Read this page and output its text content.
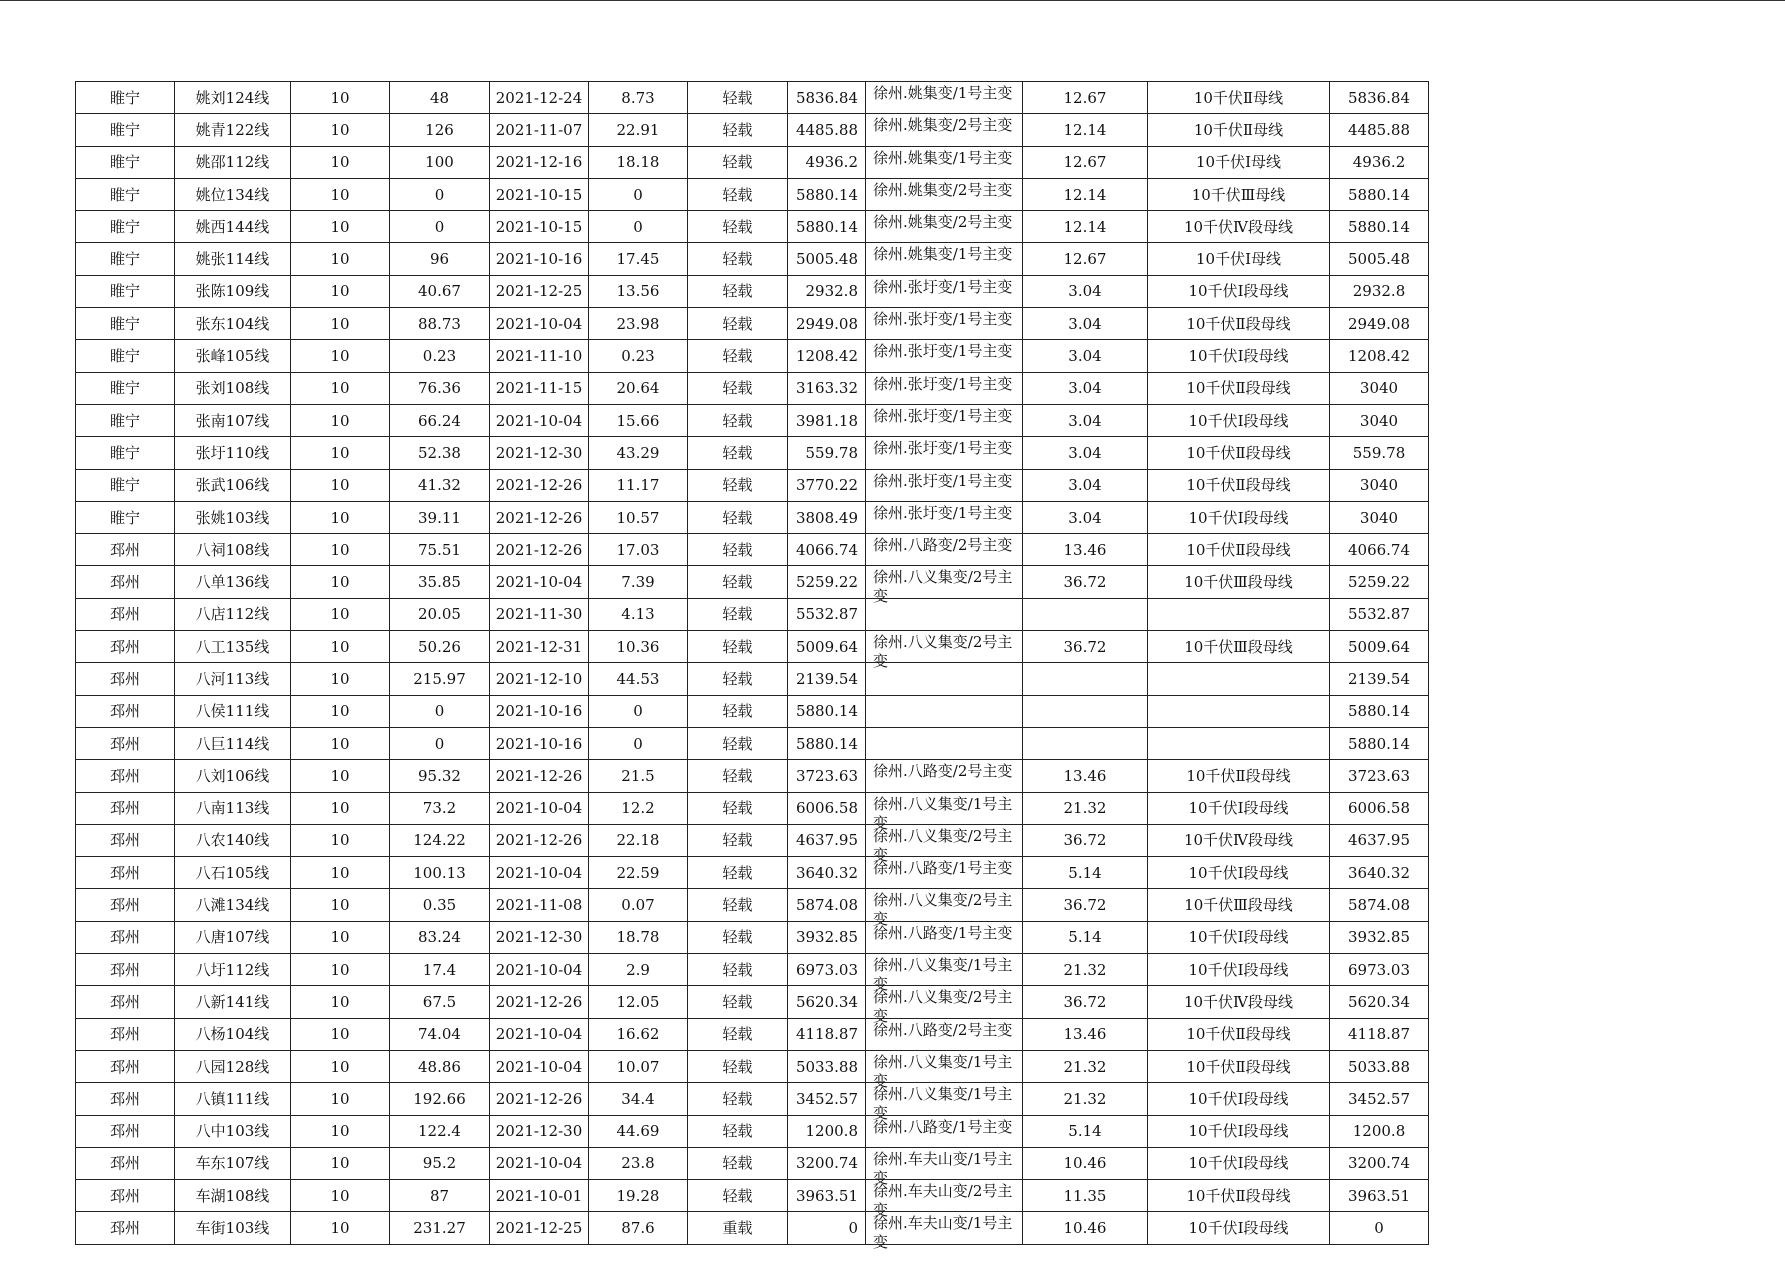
睢宁	姚刘124线	10	48	2021-12-24	8.73	轻载	5836.84	徐州.姚集变/1号主变	12.67	10千伏Ⅱ母线	5836.84
睢宁	姚青122线	10	126	2021-11-07	22.91	轻载	4485.88	徐州.姚集变/2号主变	12.14	10千伏Ⅱ母线	4485.88
睢宁	姚邵112线	10	100	2021-12-16	18.18	轻载	4936.2	徐州.姚集变/1号主变	12.67	10千伏Ⅰ母线	4936.2
睢宁	姚位134线	10	0	2021-10-15	0	轻载	5880.14	徐州.姚集变/2号主变	12.14	10千伏Ⅲ母线	5880.14
睢宁	姚西144线	10	0	2021-10-15	0	轻载	5880.14	徐州.姚集变/2号主变	12.14	10千伏Ⅳ段母线	5880.14
睢宁	姚张114线	10	96	2021-10-16	17.45	轻载	5005.48	徐州.姚集变/1号主变	12.67	10千伏Ⅰ母线	5005.48
睢宁	张陈109线	10	40.67	2021-12-25	13.56	轻载	2932.8	徐州.张圩变/1号主变	3.04	10千伏Ⅰ段母线	2932.8
睢宁	张东104线	10	88.73	2021-10-04	23.98	轻载	2949.08	徐州.张圩变/1号主变	3.04	10千伏Ⅱ段母线	2949.08
睢宁	张峰105线	10	0.23	2021-11-10	0.23	轻载	1208.42	徐州.张圩变/1号主变	3.04	10千伏Ⅰ段母线	1208.42
睢宁	张刘108线	10	76.36	2021-11-15	20.64	轻载	3163.32	徐州.张圩变/1号主变	3.04	10千伏Ⅱ段母线	3040
睢宁	张南107线	10	66.24	2021-10-04	15.66	轻载	3981.18	徐州.张圩变/1号主变	3.04	10千伏Ⅰ段母线	3040
睢宁	张圩110线	10	52.38	2021-12-30	43.29	轻载	559.78	徐州.张圩变/1号主变	3.04	10千伏Ⅱ段母线	559.78
睢宁	张武106线	10	41.32	2021-12-26	11.17	轻载	3770.22	徐州.张圩变/1号主变	3.04	10千伏Ⅱ段母线	3040
睢宁	张姚103线	10	39.11	2021-12-26	10.57	轻载	3808.49	徐州.张圩变/1号主变	3.04	10千伏Ⅰ段母线	3040
邳州	八祠108线	10	75.51	2021-12-26	17.03	轻载	4066.74	徐州.八路变/2号主变	13.46	10千伏Ⅱ段母线	4066.74
邳州	八单136线	10	35.85	2021-10-04	7.39	轻载	5259.22	徐州.八义集变/2号主变	36.72	10千伏Ⅲ段母线	5259.22
邳州	八店112线	10	20.05	2021-11-30	4.13	轻载	5532.87				5532.87
邳州	八工135线	10	50.26	2021-12-31	10.36	轻载	5009.64	徐州.八义集变/2号主变	36.72	10千伏Ⅲ段母线	5009.64
邳州	八河113线	10	215.97	2021-12-10	44.53	轻载	2139.54				2139.54
邳州	八侯111线	10	0	2021-10-16	0	轻载	5880.14				5880.14
邳州	八巨114线	10	0	2021-10-16	0	轻载	5880.14				5880.14
邳州	八刘106线	10	95.32	2021-12-26	21.5	轻载	3723.63	徐州.八路变/2号主变	13.46	10千伏Ⅱ段母线	3723.63
邳州	八南113线	10	73.2	2021-10-04	12.2	轻载	6006.58	徐州.八义集变/1号主变	21.32	10千伏Ⅰ段母线	6006.58
邳州	八农140线	10	124.22	2021-12-26	22.18	轻载	4637.95	徐州.八义集变/2号主变	36.72	10千伏Ⅳ段母线	4637.95
邳州	八石105线	10	100.13	2021-10-04	22.59	轻载	3640.32	徐州.八路变/1号主变	5.14	10千伏Ⅰ段母线	3640.32
邳州	八滩134线	10	0.35	2021-11-08	0.07	轻载	5874.08	徐州.八义集变/2号主变	36.72	10千伏Ⅲ段母线	5874.08
邳州	八唐107线	10	83.24	2021-12-30	18.78	轻载	3932.85	徐州.八路变/1号主变	5.14	10千伏Ⅰ段母线	3932.85
邳州	八圩112线	10	17.4	2021-10-04	2.9	轻载	6973.03	徐州.八义集变/1号主变	21.32	10千伏Ⅰ段母线	6973.03
邳州	八新141线	10	67.5	2021-12-26	12.05	轻载	5620.34	徐州.八义集变/2号主变	36.72	10千伏Ⅳ段母线	5620.34
邳州	八杨104线	10	74.04	2021-10-04	16.62	轻载	4118.87	徐州.八路变/2号主变	13.46	10千伏Ⅱ段母线	4118.87
邳州	八园128线	10	48.86	2021-10-04	10.07	轻载	5033.88	徐州.八义集变/1号主变	21.32	10千伏Ⅱ段母线	5033.88
邳州	八镇111线	10	192.66	2021-12-26	34.4	轻载	3452.57	徐州.八义集变/1号主变	21.32	10千伏Ⅰ段母线	3452.57
邳州	八中103线	10	122.4	2021-12-30	44.69	轻载	1200.8	徐州.八路变/1号主变	5.14	10千伏Ⅰ段母线	1200.8
邳州	车东107线	10	95.2	2021-10-04	23.8	轻载	3200.74	徐州.车夫山变/1号主变	10.46	10千伏Ⅰ段母线	3200.74
邳州	车湖108线	10	87	2021-10-01	19.28	轻载	3963.51	徐州.车夫山变/2号主变	11.35	10千伏Ⅱ段母线	3963.51
邳州	车街103线	10	231.27	2021-12-25	87.6	重载	0	徐州.车夫山变/1号主变	10.46	10千伏Ⅰ段母线	0
